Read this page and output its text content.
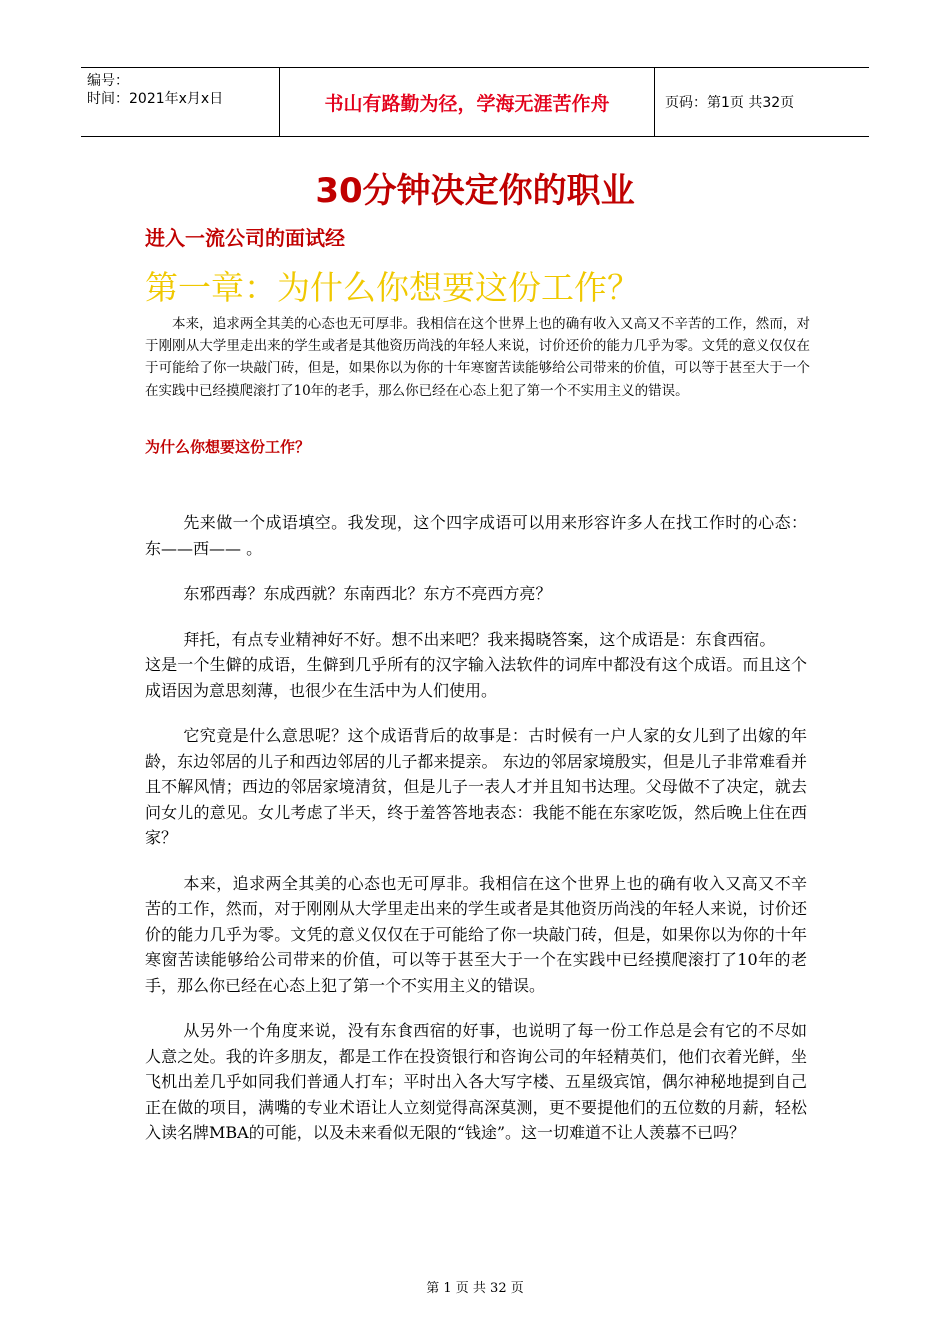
编号：
时间：2021年x月x日	书山有路勤为径，学海无涯苦作舟	页码：第1页 共32页
30分钟决定你的职业
进入一流公司的面试经
第一章：为什么你想要这份工作？

本来，追求两全其美的心态也无可厚非。我相信在这个世界上也的确有收入又高又不辛苦的工作，然而，对于刚刚从大学里走出来的学生或者是其他资历尚浅的年轻人来说，讨价还价的能力几乎为零。文凭的意义仅仅在于可能给了你一块敲门砖，但是，如果你以为你的十年寒窗苦读能够给公司带来的价值，可以等于甚至大于一个在实践中已经摸爬滚打了10年的老手，那么你已经在心态上犯了第一个不实用主义的错误。

为什么你想要这份工作？

先来做一个成语填空。我发现，这个四字成语可以用来形容许多人在找工作时的心态：东——西—— 。

东邪西毒？东成西就？东南西北？东方不亮西方亮？

拜托，有点专业精神好不好。想不出来吧？我来揭晓答案，这个成语是：东食西宿。

这是一个生僻的成语，生僻到几乎所有的汉字输入法软件的词库中都没有这个成语。而且这个成语因为意思刻薄，也很少在生活中为人们使用。

它究竟是什么意思呢？这个成语背后的故事是：古时候有一户人家的女儿到了出嫁的年龄，东边邻居的儿子和西边邻居的儿子都来提亲。 东边的邻居家境殷实，但是儿子非常难看并且不解风情；西边的邻居家境清贫，但是儿子一表人才并且知书达理。父母做不了决定，就去问女儿的意见。女儿考虑了半天，终于羞答答地表态：我能不能在东家吃饭，然后晚上住在西家？

本来，追求两全其美的心态也无可厚非。我相信在这个世界上也的确有收入又高又不辛苦的工作，然而，对于刚刚从大学里走出来的学生或者是其他资历尚浅的年轻人来说，讨价还价的能力几乎为零。文凭的意义仅仅在于可能给了你一块敲门砖，但是，如果你以为你的十年寒窗苦读能够给公司带来的价值，可以等于甚至大于一个在实践中已经摸爬滚打了10年的老手，那么你已经在心态上犯了第一个不实用主义的错误。

从另外一个角度来说，没有东食西宿的好事，也说明了每一份工作总是会有它的不尽如人意之处。我的许多朋友，都是工作在投资银行和咨询公司的年轻精英们，他们衣着光鲜，坐飞机出差几乎如同我们普通人打车；平时出入各大写字楼、五星级宾馆，偶尔神秘地提到自己正在做的项目，满嘴的专业术语让人立刻觉得高深莫测，更不要提他们的五位数的月薪，轻松入读名牌MBA的可能，以及未来看似无限的“钱途”。这一切难道不让人羡慕不已吗？

第 1 页 共 32 页
